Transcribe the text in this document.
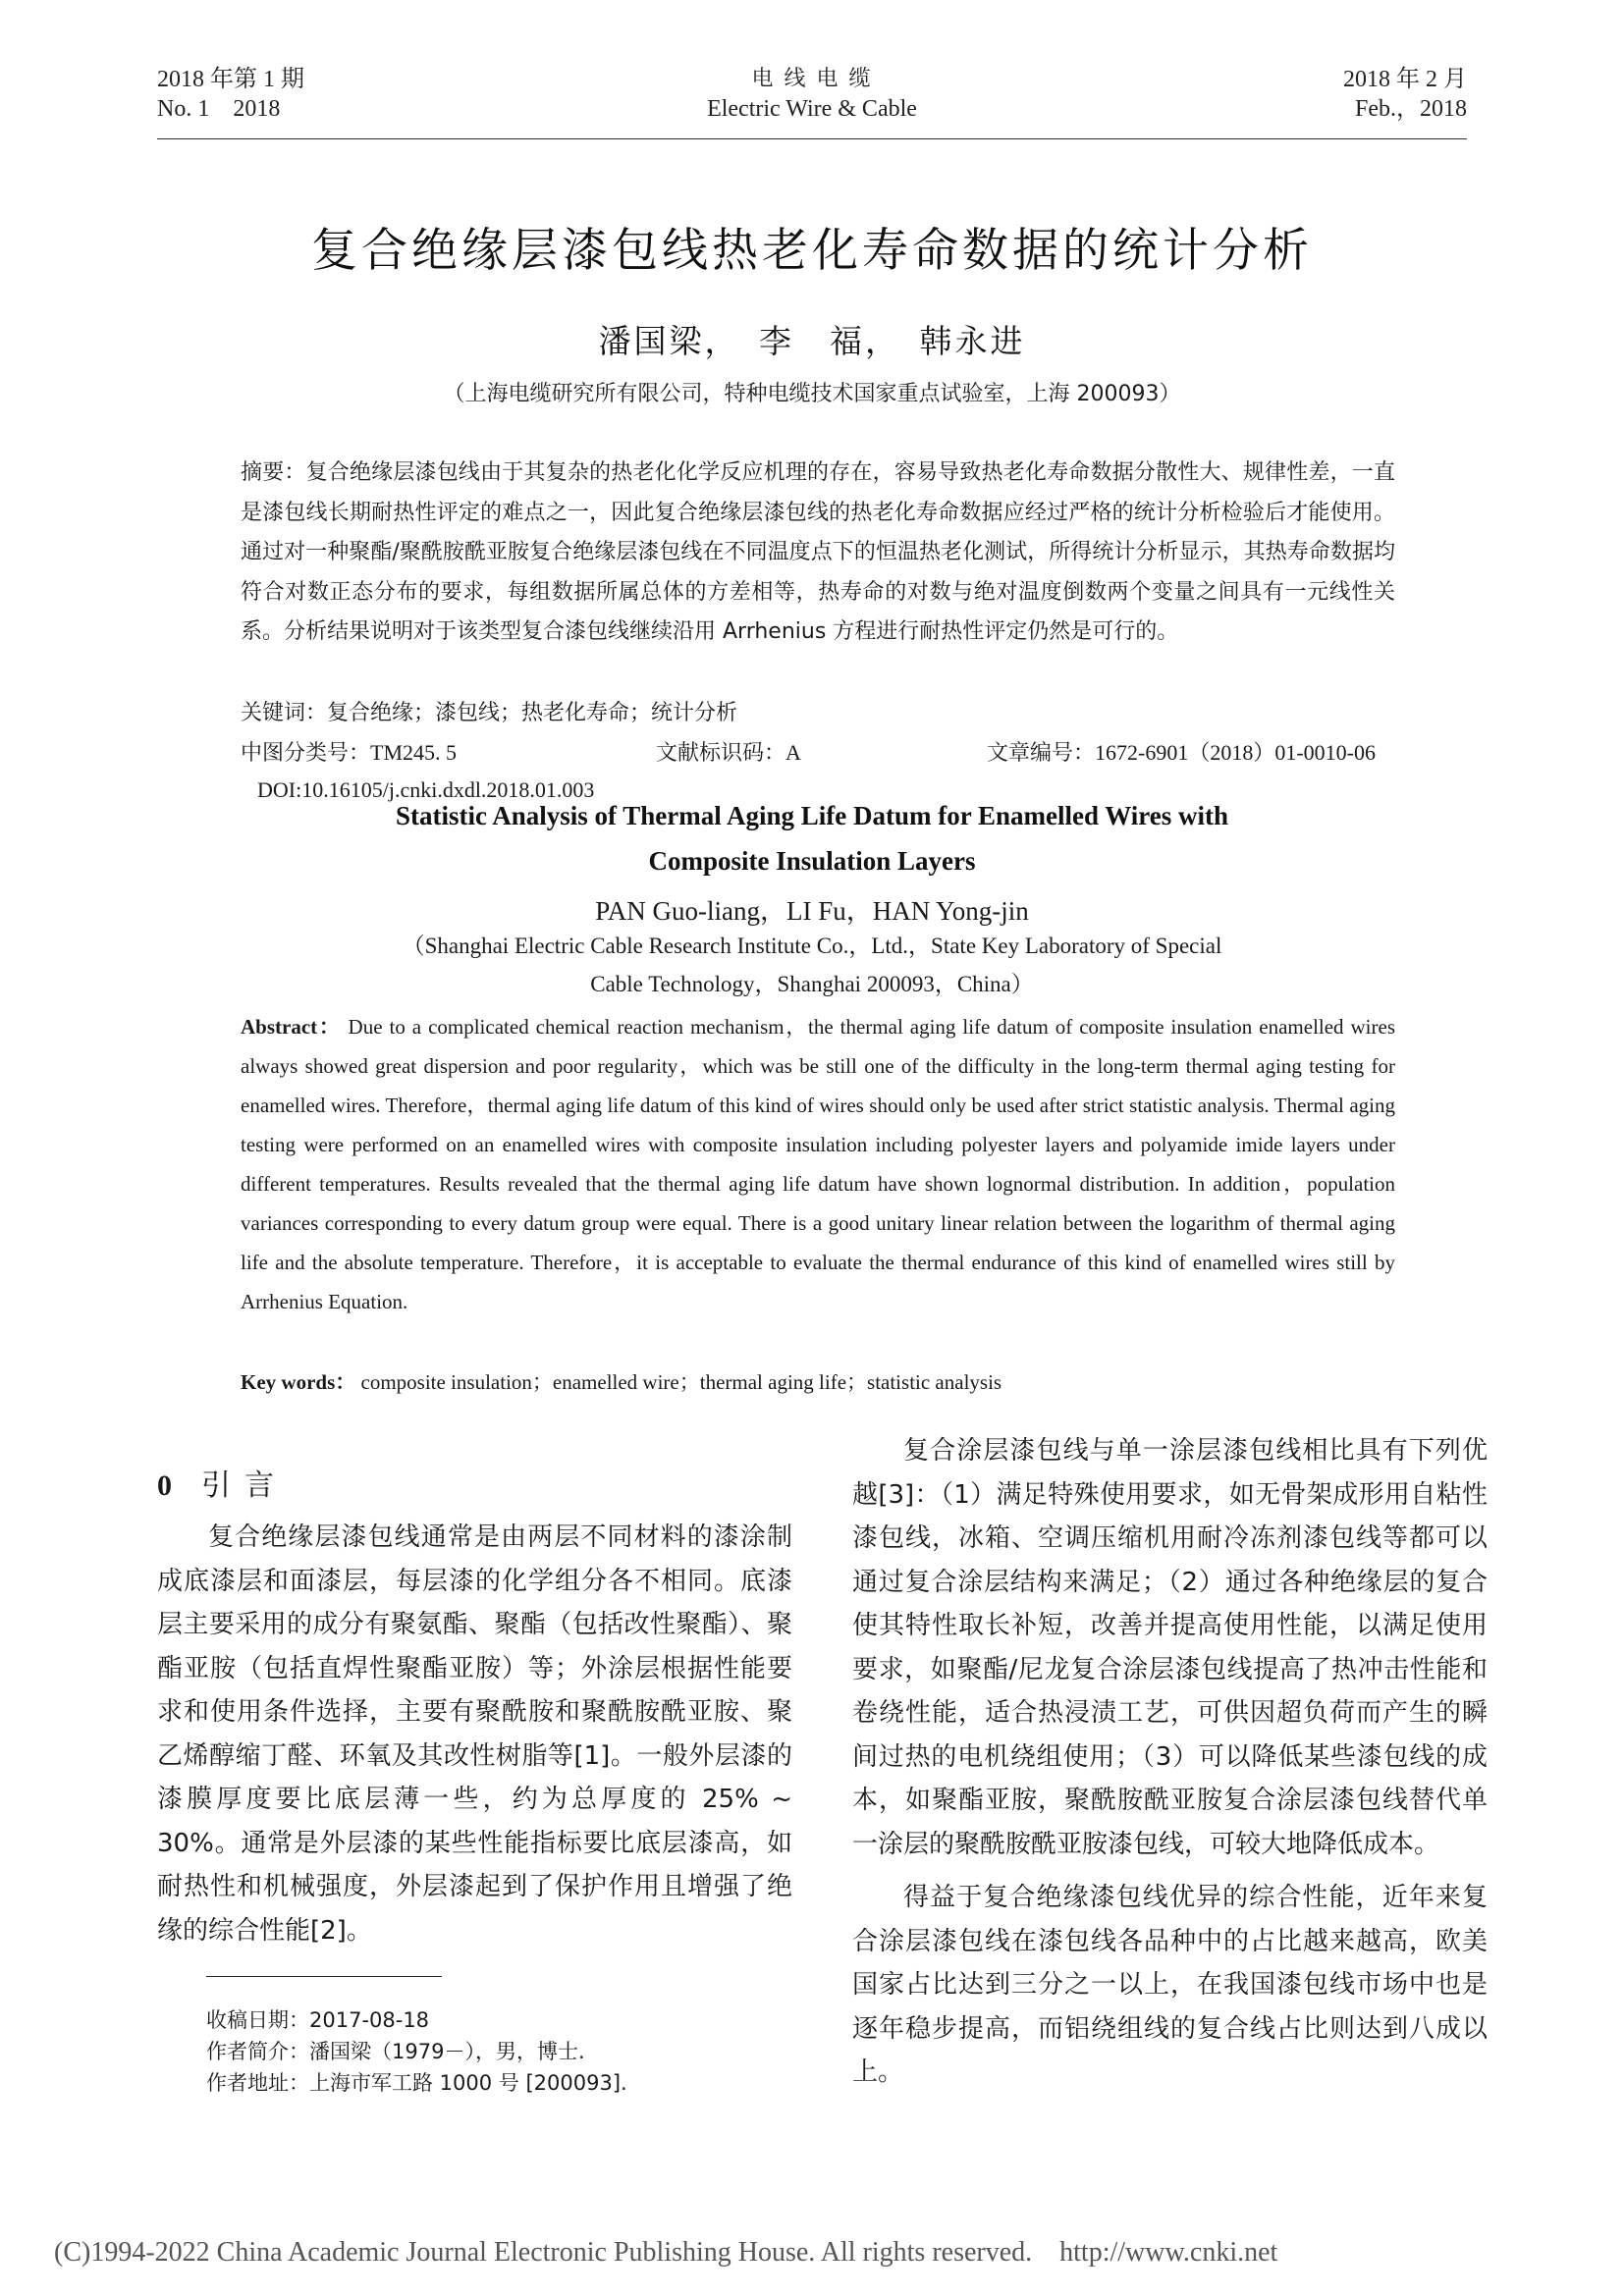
2018 年第 1 期
No. 1　2018
电 线 电 缆
Electric Wire & Cable
2018 年 2 月
Feb.，2018
复合绝缘层漆包线热老化寿命数据的统计分析
潘国梁，　李　福，　韩永进
（上海电缆研究所有限公司，特种电缆技术国家重点试验室，上海 200093）
摘要：复合绝缘层漆包线由于其复杂的热老化化学反应机理的存在，容易导致热老化寿命数据分散性大、规律性差，一直是漆包线长期耐热性评定的难点之一，因此复合绝缘层漆包线的热老化寿命数据应经过严格的统计分析检验后才能使用。通过对一种聚酯/聚酰胺酰亚胺复合绝缘层漆包线在不同温度点下的恒温热老化测试，所得统计分析显示，其热寿命数据均符合对数正态分布的要求，每组数据所属总体的方差相等，热寿命的对数与绝对温度倒数两个变量之间具有一元线性关系。分析结果说明对于该类型复合漆包线继续沿用 Arrhenius 方程进行耐热性评定仍然是可行的。
关键词：复合绝缘；漆包线；热老化寿命；统计分析
中图分类号：TM245. 5	文献标识码：A	文章编号：1672-6901（2018）01-0010-06
DOI:10.16105/j.cnki.dxdl.2018.01.003
Statistic Analysis of Thermal Aging Life Datum for Enamelled Wires with
Composite Insulation Layers
PAN Guo-liang，LI Fu，HAN Yong-jin
（Shanghai Electric Cable Research Institute Co.，Ltd.，State Key Laboratory of Special
Cable Technology，Shanghai 200093，China）
Abstract： Due to a complicated chemical reaction mechanism，the thermal aging life datum of composite insulation enamelled wires always showed great dispersion and poor regularity，which was be still one of the difficulty in the long-term thermal aging testing for enamelled wires. Therefore，thermal aging life datum of this kind of wires should only be used after strict statistic analysis. Thermal aging testing were performed on an enamelled wires with composite insulation including polyester layers and polyamide imide layers under different temperatures. Results revealed that the thermal aging life datum have shown lognormal distribution. In addition，population variances corresponding to every datum group were equal. There is a good unitary linear relation between the logarithm of thermal aging life and the absolute temperature. Therefore，it is acceptable to evaluate the thermal endurance of this kind of enamelled wires still by Arrhenius Equation.
Key words： composite insulation；enamelled wire；thermal aging life；statistic analysis
0 引言

复合绝缘层漆包线通常是由两层不同材料的漆涂制成底漆层和面漆层，每层漆的化学组分各不相同。底漆层主要采用的成分有聚氨酯、聚酯（包括改性聚酯）、聚酯亚胺（包括直焊性聚酯亚胺）等；外涂层根据性能要求和使用条件选择，主要有聚酰胺和聚酰胺酰亚胺、聚乙烯醇缩丁醛、环氧及其改性树脂等[1]。一般外层漆的漆膜厚度要比底层薄一些，约为总厚度的 25% ~ 30%。通常是外层漆的某些性能指标要比底层漆高，如耐热性和机械强度，外层漆起到了保护作用且增强了绝缘的综合性能[2]。

收稿日期：2017-08-18
作者简介：潘国梁（1979－），男，博士.
作者地址：上海市军工路 1000 号 [200093].

复合涂层漆包线与单一涂层漆包线相比具有下列优越[3]：（1）满足特殊使用要求，如无骨架成形用自粘性漆包线，冰箱、空调压缩机用耐冷冻剂漆包线等都可以通过复合涂层结构来满足；（2）通过各种绝缘层的复合使其特性取长补短，改善并提高使用性能，以满足使用要求，如聚酯/尼龙复合涂层漆包线提高了热冲击性能和卷绕性能，适合热浸渍工艺，可供因超负荷而产生的瞬间过热的电机绕组使用；（3）可以降低某些漆包线的成本，如聚酯亚胺，聚酰胺酰亚胺复合涂层漆包线替代单一涂层的聚酰胺酰亚胺漆包线，可较大地降低成本。

得益于复合绝缘漆包线优异的综合性能，近年来复合涂层漆包线在漆包线各品种中的占比越来越高，欧美国家占比达到三分之一以上，在我国漆包线市场中也是逐年稳步提高，而铝绕组线的复合线占比则达到八成以上。

(C)1994-2022 China Academic Journal Electronic Publishing House. All rights reserved.　http://www.cnki.net
